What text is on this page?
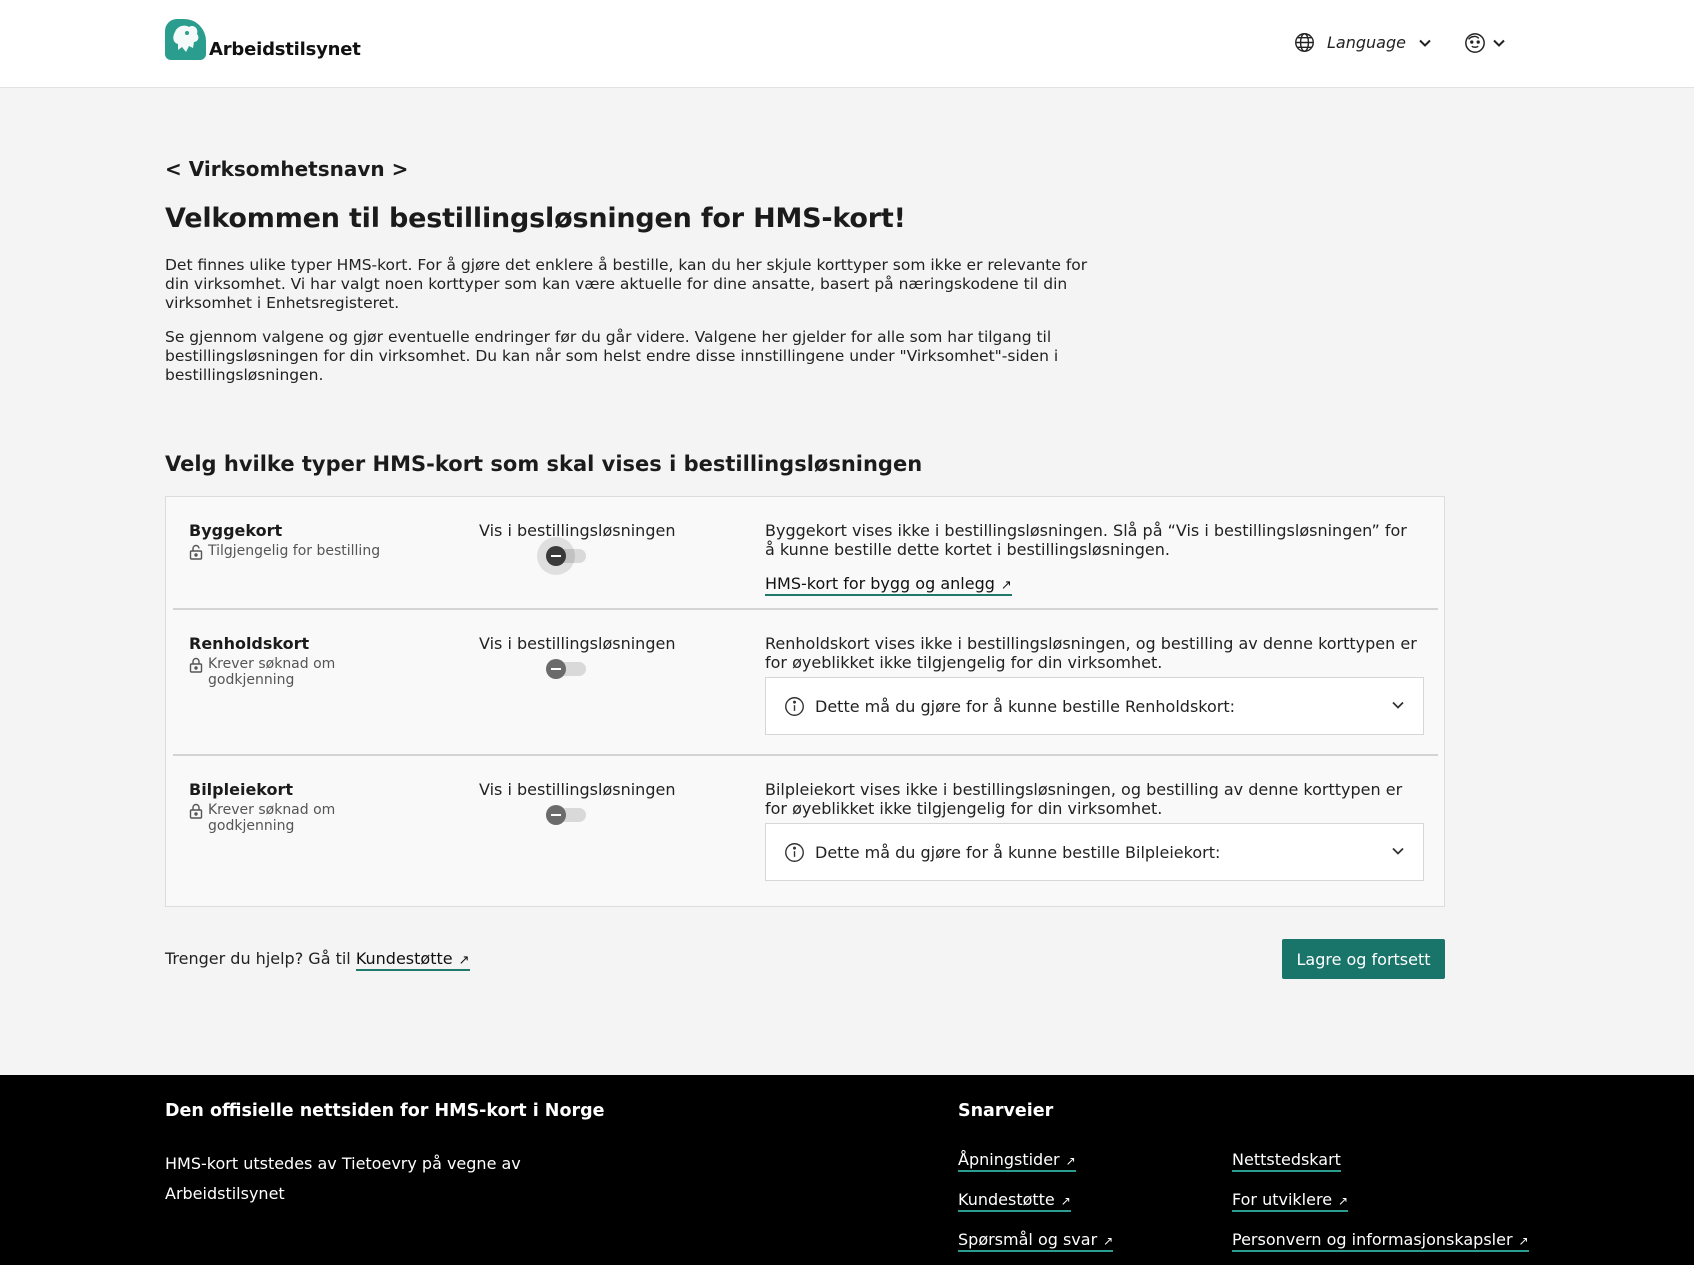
Arbeidstilsynet	Language
< Virksomhetsnavn >
Velkommen til bestillingsløsningen for HMS-kort!

Det finnes ulike typer HMS-kort. For å gjøre det enklere å bestille, kan du her skjule korttyper som ikke er relevante for din virksomhet. Vi har valgt noen korttyper som kan være aktuelle for dine ansatte, basert på næringskodene til din virksomhet i Enhetsregisteret.

Se gjennom valgene og gjør eventuelle endringer før du går videre. Valgene her gjelder for alle som har tilgang til bestillingsløsningen for din virksomhet. Du kan når som helst endre disse innstillingene under "Virksomhet"-siden i bestillingsløsningen.

Velg hvilke typer HMS-kort som skal vises i bestillingsløsningen
Byggekort
Tilgjengelig for bestilling
Vis i bestillingsløsningen	Byggekort vises ikke i bestillingsløsningen. Slå på “Vis i bestillingsløsningen” for å kunne bestille dette kortet i bestillingsløsningen.
HMS-kort for bygg og anlegg ↗
Renholdskort
Krever søknad om godkjenning
Vis i bestillingsløsningen	Renholdskort vises ikke i bestillingsløsningen, og bestilling av denne korttypen er for øyeblikket ikke tilgjengelig for din virksomhet.
Dette må du gjøre for å kunne bestille Renholdskort:
Bilpleiekort
Krever søknad om godkjenning
Vis i bestillingsløsningen	Bilpleiekort vises ikke i bestillingsløsningen, og bestilling av denne korttypen er for øyeblikket ikke tilgjengelig for din virksomhet.
Dette må du gjøre for å kunne bestille Bilpleiekort:
Trenger du hjelp? Gå til Kundestøtte ↗	Lagre og fortsett
Den offisielle nettsiden for HMS-kort i Norge
HMS-kort utstedes av Tietoevry på vegne av Arbeidstilsynet
Snarveier
Åpningstider ↗
Kundestøtte ↗
Spørsmål og svar ↗
Nettstedskart
For utviklere ↗
Personvern og informasjonskapsler ↗
